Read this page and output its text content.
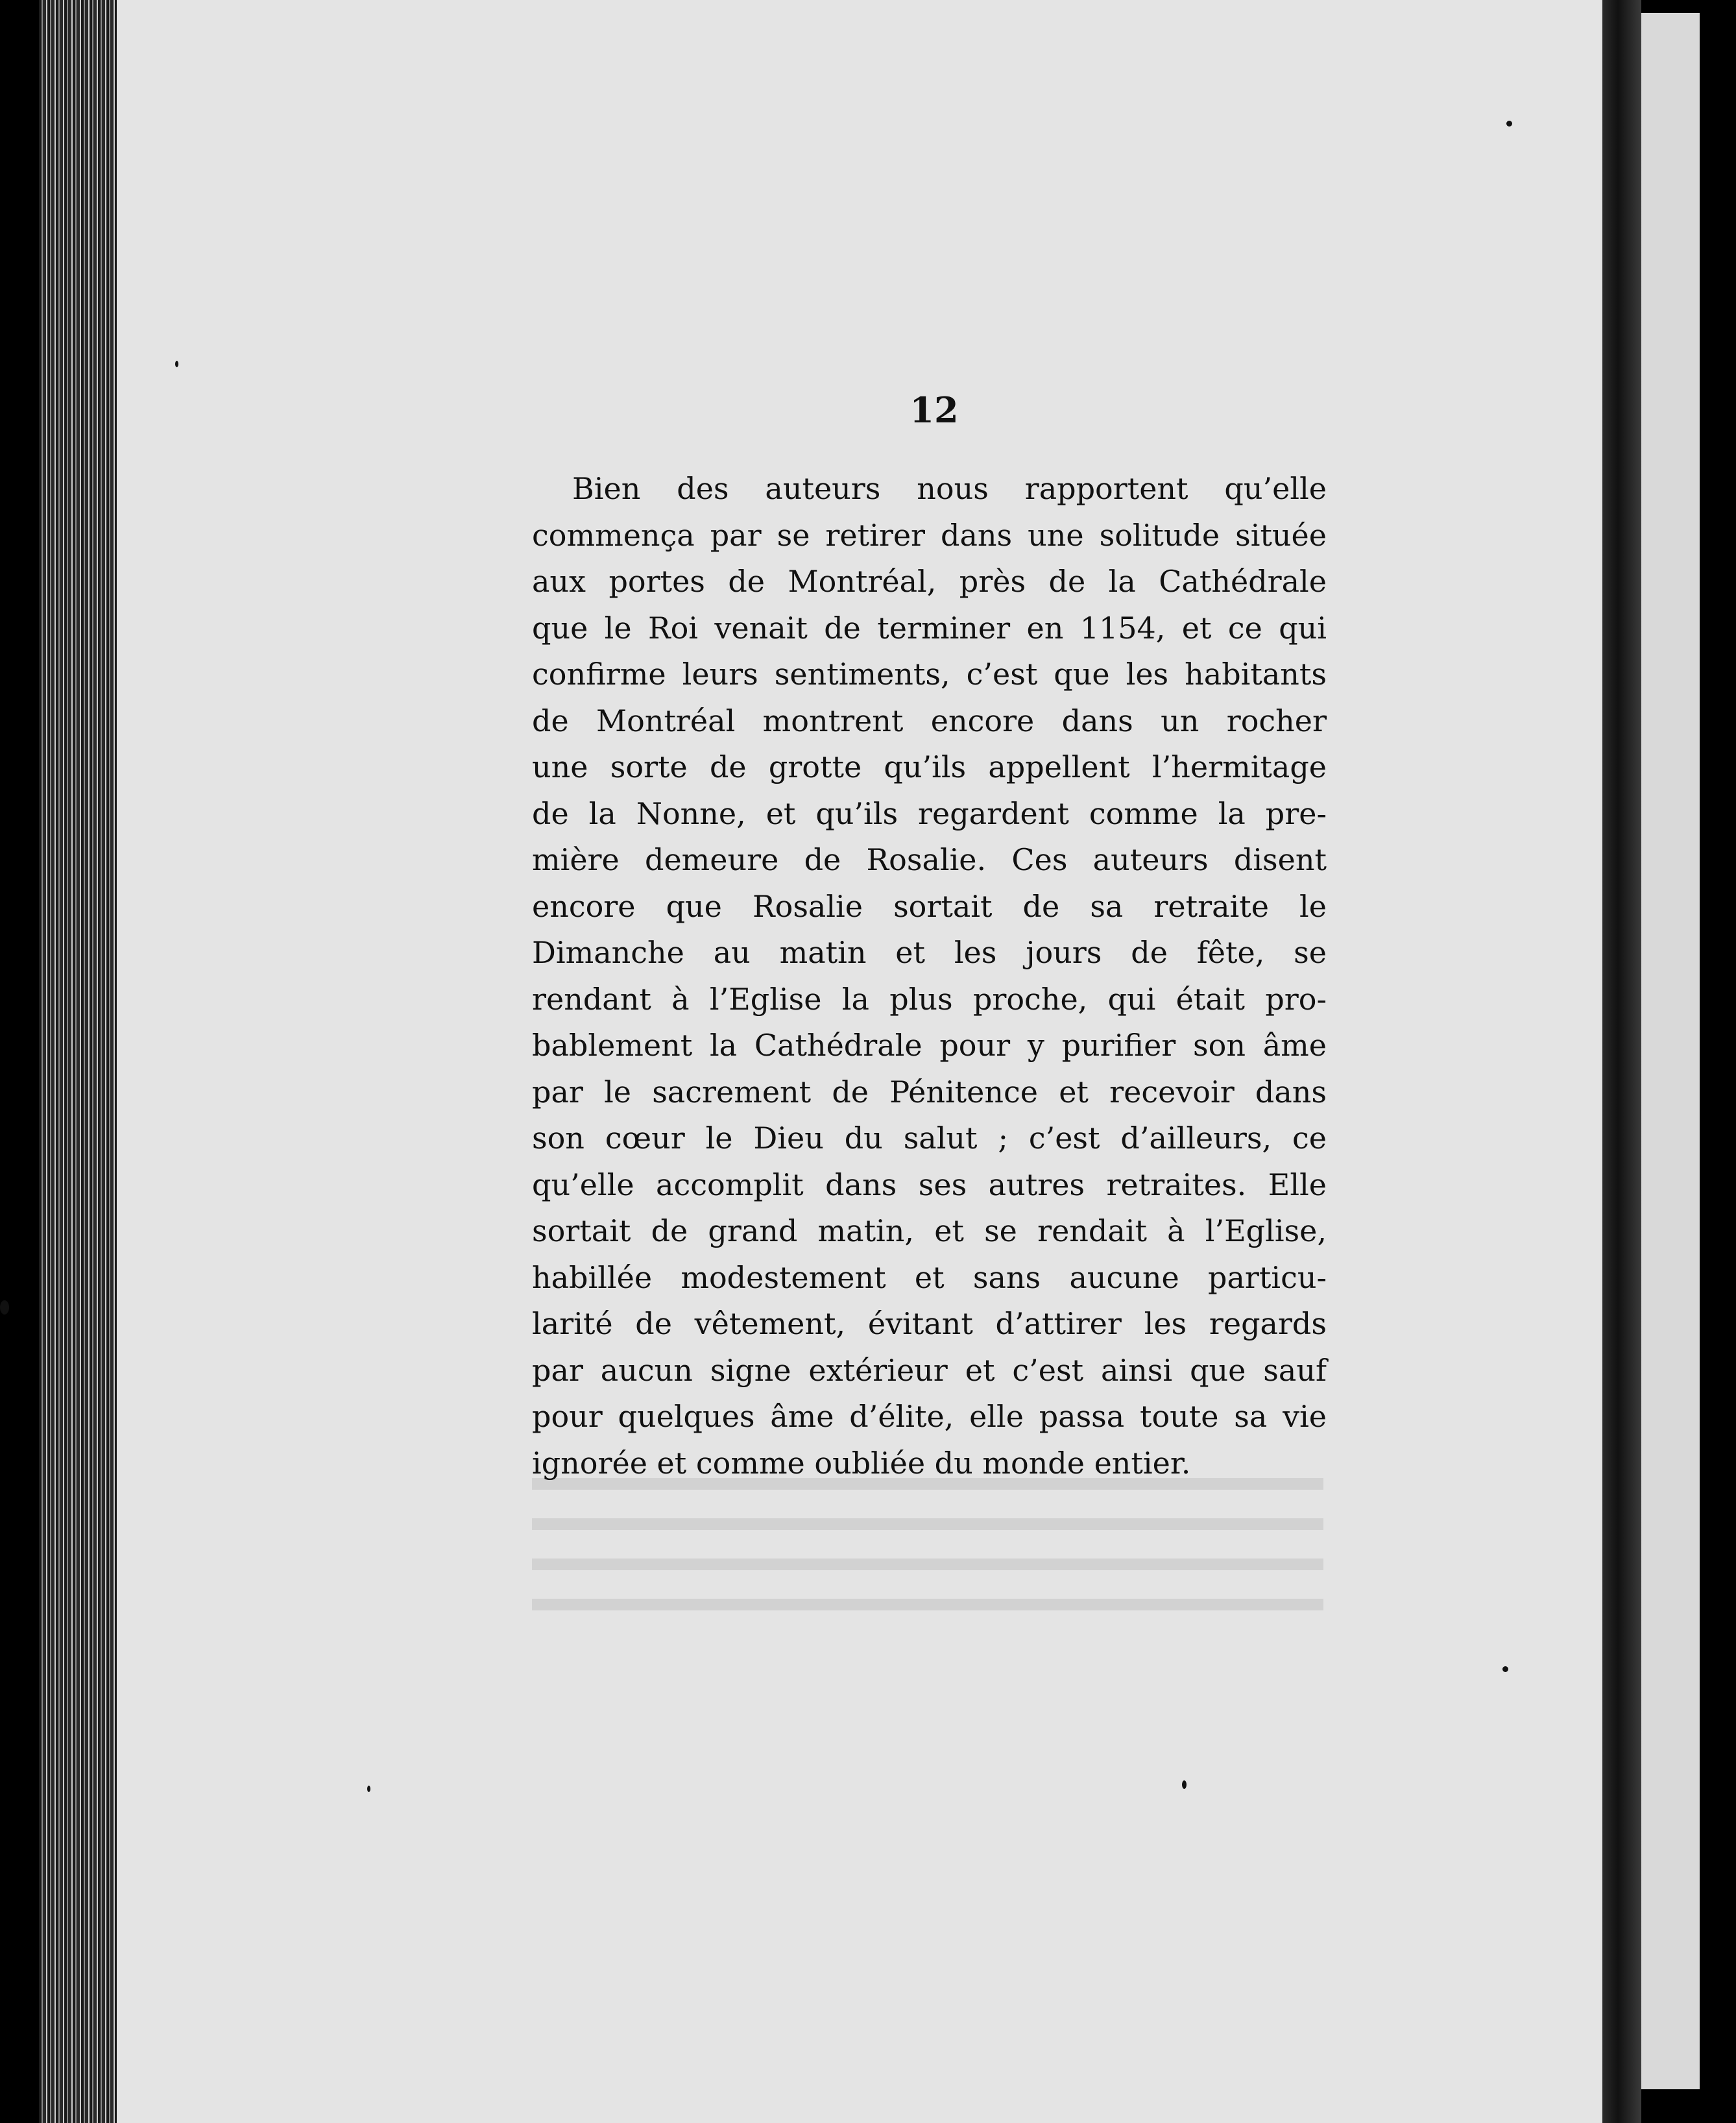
12

Bien des auteurs nous rapportent qu’elle
commença par se retirer dans une solitude située
aux portes de Montréal, près de la Cathédrale
que le Roi venait de terminer en 1154, et ce qui
confirme leurs sentiments, c’est que les habitants
de Montréal montrent encore dans un rocher
une sorte de grotte qu’ils appellent l’hermitage
de la Nonne, et qu’ils regardent comme la pre-
mière demeure de Rosalie. Ces auteurs disent
encore que Rosalie sortait de sa retraite le
Dimanche au matin et les jours de fête, se
rendant à l’Eglise la plus proche, qui était pro-
bablement la Cathédrale pour y purifier son âme
par le sacrement de Pénitence et recevoir dans
son cœur le Dieu du salut ; c’est d’ailleurs, ce
qu’elle accomplit dans ses autres retraites. Elle
sortait de grand matin, et se rendait à l’Eglise,
habillée modestement et sans aucune particu-
larité de vêtement, évitant d’attirer les regards
par aucun signe extérieur et c’est ainsi que sauf
pour quelques âme d’élite, elle passa toute sa vie
ignorée et comme oubliée du monde entier.
